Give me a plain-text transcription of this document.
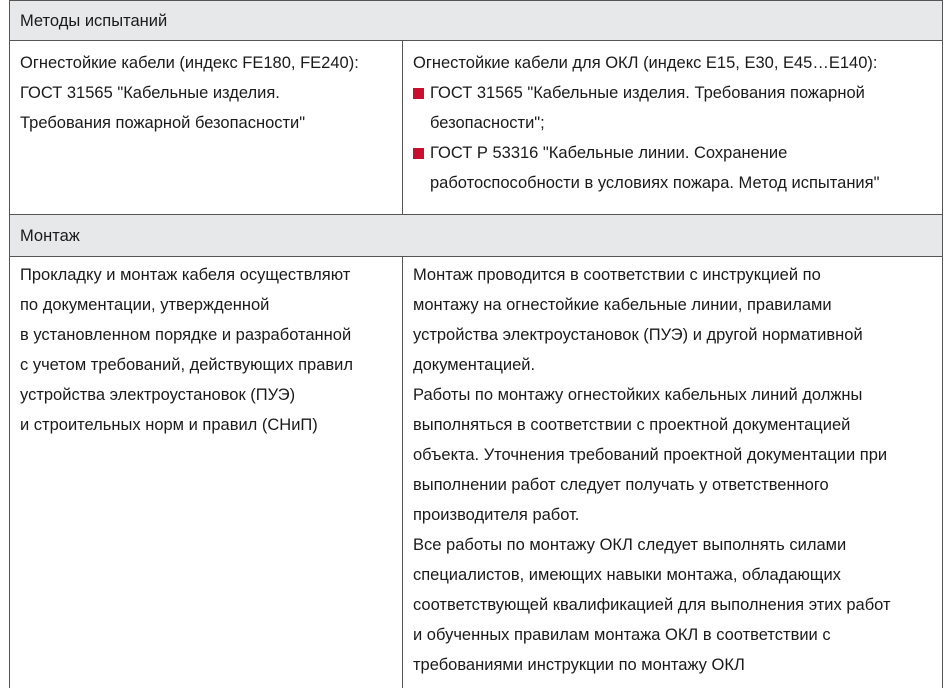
Методы испытаний

Огнестойкие кабели (индекс FE180, FE240):

ГОСТ 31565 "Кабельные изделия.

Требования пожарной безопасности"

Огнестойкие кабели для ОКЛ (индекс Е15, Е30, Е45…Е140):

ГОСТ 31565 "Кабельные изделия. Требования пожарной

безопасности";

ГОСТ Р 53316 "Кабельные линии. Сохранение

работоспособности в условиях пожара. Метод испытания"

Монтаж

Прокладку и монтаж кабеля осуществляют

по документации, утвержденной

в установленном порядке и разработанной

с учетом требований, действующих правил

устройства электроустановок (ПУЭ)

и строительных норм и правил (СНиП)

Монтаж проводится в соответствии с инструкцией по

монтажу на огнестойкие кабельные линии, правилами

устройства электроустановок (ПУЭ) и другой нормативной

документацией.

Работы по монтажу огнестойких кабельных линий должны

выполняться в соответствии с проектной документацией

объекта. Уточнения требований проектной документации при

выполнении работ следует получать у ответственного

производителя работ.

Все работы по монтажу ОКЛ следует выполнять силами

специалистов, имеющих навыки монтажа, обладающих

соответствующей квалификацией для выполнения этих работ

и обученных правилам монтажа ОКЛ в соответствии с

требованиями инструкции по монтажу ОКЛ
